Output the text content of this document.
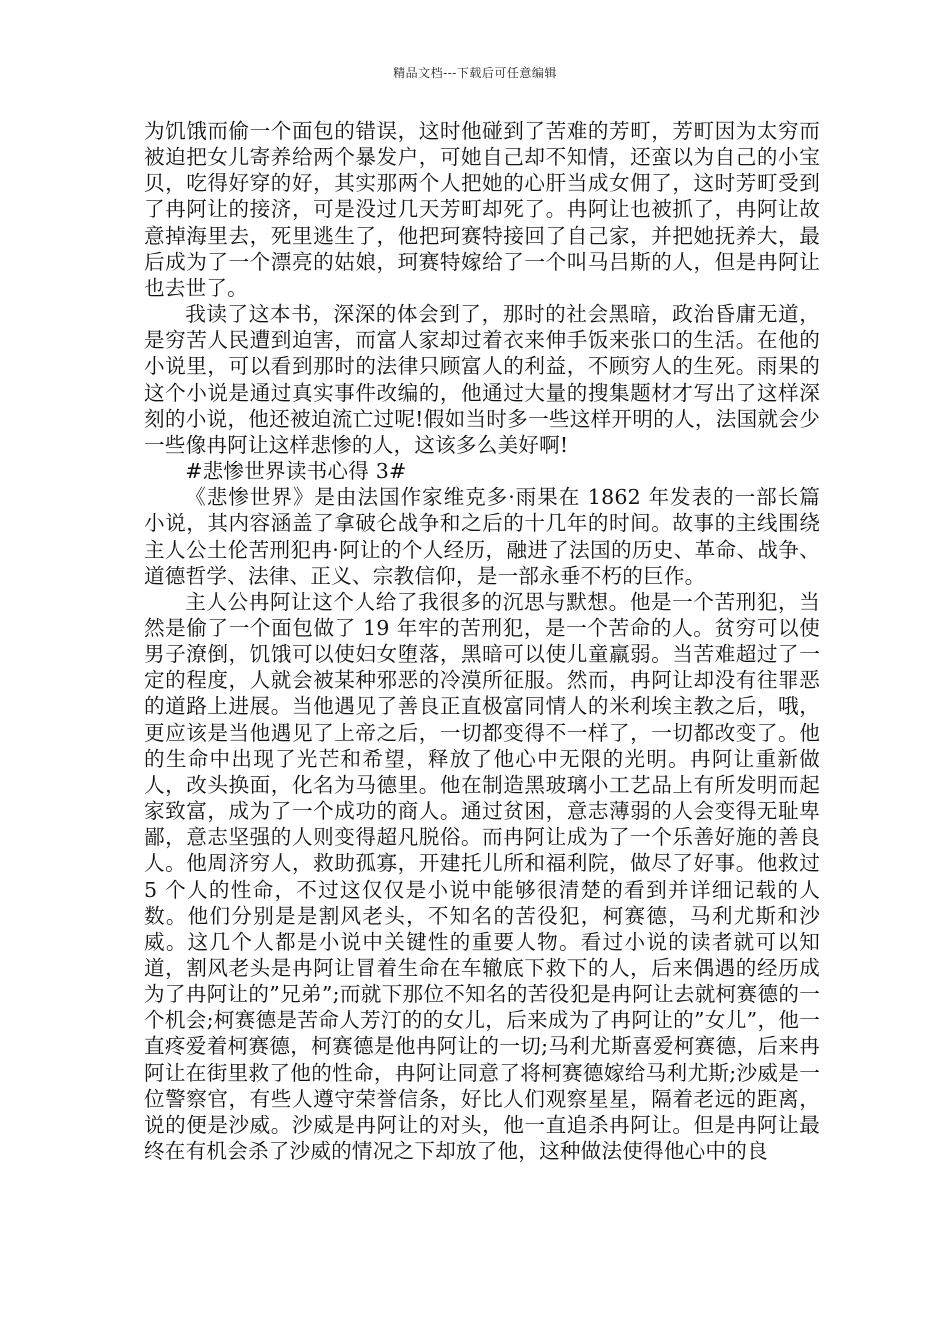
精品文档---下载后可任意编辑

为饥饿而偷一个面包的错误，这时他碰到了苦难的芳町，芳町因为太穷而被迫把女儿寄养给两个暴发户，可她自己却不知情，还蛮以为自己的小宝贝，吃得好穿的好，其实那两个人把她的心肝当成女佣了，这时芳町受到了冉阿让的接济，可是没过几天芳町却死了。冉阿让也被抓了，冉阿让故意掉海里去，死里逃生了，他把珂赛特接回了自己家，并把她抚养大，最后成为了一个漂亮的姑娘，珂赛特嫁给了一个叫马吕斯的人，但是冉阿让也去世了。

我读了这本书，深深的体会到了，那时的社会黑暗，政治昏庸无道，是穷苦人民遭到迫害，而富人家却过着衣来伸手饭来张口的生活。在他的小说里，可以看到那时的法律只顾富人的利益，不顾穷人的生死。雨果的这个小说是通过真实事件改编的，他通过大量的搜集题材才写出了这样深刻的小说，他还被迫流亡过呢!假如当时多一些这样开明的人，法国就会少一些像冉阿让这样悲惨的人，这该多么美好啊!

#悲惨世界读书心得 3#

《悲惨世界》是由法国作家维克多·雨果在 1862 年发表的一部长篇小说，其内容涵盖了拿破仑战争和之后的十几年的时间。故事的主线围绕主人公土伦苦刑犯冉·阿让的个人经历，融进了法国的历史、革命、战争、道德哲学、法律、正义、宗教信仰，是一部永垂不朽的巨作。

主人公冉阿让这个人给了我很多的沉思与默想。他是一个苦刑犯，当然是偷了一个面包做了 19 年牢的苦刑犯，是一个苦命的人。贫穷可以使男子潦倒，饥饿可以使妇女堕落，黑暗可以使儿童羸弱。当苦难超过了一定的程度，人就会被某种邪恶的冷漠所征服。然而，冉阿让却没有往罪恶的道路上进展。当他遇见了善良正直极富同情人的米利埃主教之后，哦，更应该是当他遇见了上帝之后，一切都变得不一样了，一切都改变了。他的生命中出现了光芒和希望，释放了他心中无限的光明。冉阿让重新做人，改头换面，化名为马德里。他在制造黑玻璃小工艺品上有所发明而起家致富，成为了一个成功的商人。通过贫困，意志薄弱的人会变得无耻卑鄙，意志坚强的人则变得超凡脱俗。而冉阿让成为了一个乐善好施的善良人。他周济穷人，救助孤寡，开建托儿所和福利院，做尽了好事。他救过 5 个人的性命，不过这仅仅是小说中能够很清楚的看到并详细记载的人数。他们分别是是割风老头，不知名的苦役犯，柯赛德，马利尤斯和沙威。这几个人都是小说中关键性的重要人物。看过小说的读者就可以知道，割风老头是冉阿让冒着生命在车辙底下救下的人，后来偶遇的经历成为了冉阿让的”兄弟”;而就下那位不知名的苦役犯是冉阿让去就柯赛德的一个机会;柯赛德是苦命人芳汀的的女儿，后来成为了冉阿让的”女儿”，他一直疼爱着柯赛德，柯赛德是他冉阿让的一切;马利尤斯喜爱柯赛德，后来冉阿让在街里救了他的性命，冉阿让同意了将柯赛德嫁给马利尤斯;沙威是一位警察官，有些人遵守荣誉信条，好比人们观察星星，隔着老远的距离，说的便是沙威。沙威是冉阿让的对头，他一直追杀冉阿让。但是冉阿让最终在有机会杀了沙威的情况之下却放了他，这种做法使得他心中的良
